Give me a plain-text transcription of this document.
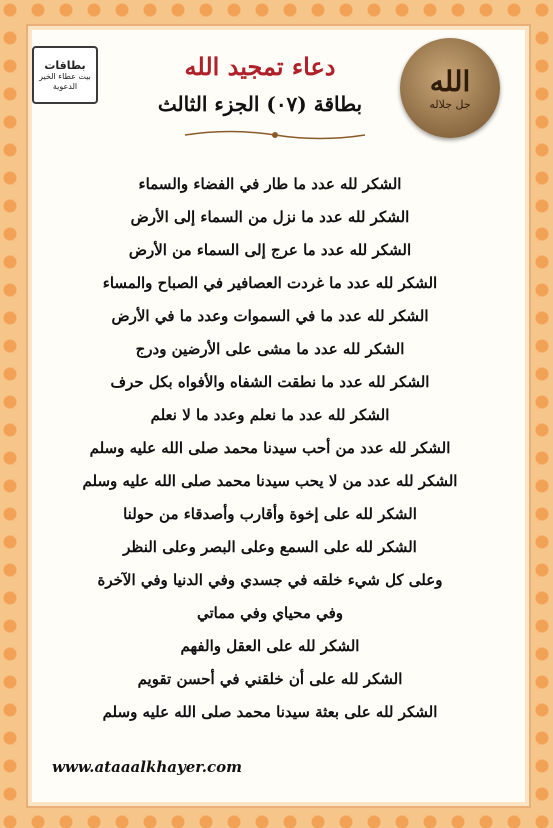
بطاقات
بيت عطاء الخير
الدعوية	الله
جل جلاله
دعاء تمجيد الله
بطاقة (٠٧) الجزء الثالث
الشكر لله عدد ما طار في الفضاء والسماء
الشكر لله عدد ما نزل من السماء إلى الأرض
الشكر لله عدد ما عرج إلى السماء من الأرض
الشكر لله عدد ما غردت العصافير في الصباح والمساء
الشكر لله عدد ما في السموات وعدد ما في الأرض
الشكر لله عدد ما مشى على الأرضين ودرج
الشكر لله عدد ما نطقت الشفاه والأفواه بكل حرف
الشكر لله عدد ما نعلم وعدد ما لا نعلم
الشكر لله عدد من أحب سيدنا محمد صلى الله عليه وسلم
الشكر لله عدد من لا يحب سيدنا محمد صلى الله عليه وسلم
الشكر لله على إخوة وأقارب وأصدقاء من حولنا
الشكر لله على السمع وعلى البصر وعلى النظر
وعلى كل شيء خلقه في جسدي وفي الدنيا وفي الآخرة
وفي محياي وفي مماتي
الشكر لله على العقل والفهم
الشكر لله على أن خلقني في أحسن تقويم
الشكر لله على بعثة سيدنا محمد صلى الله عليه وسلم
www.ataaalkhayer.com
